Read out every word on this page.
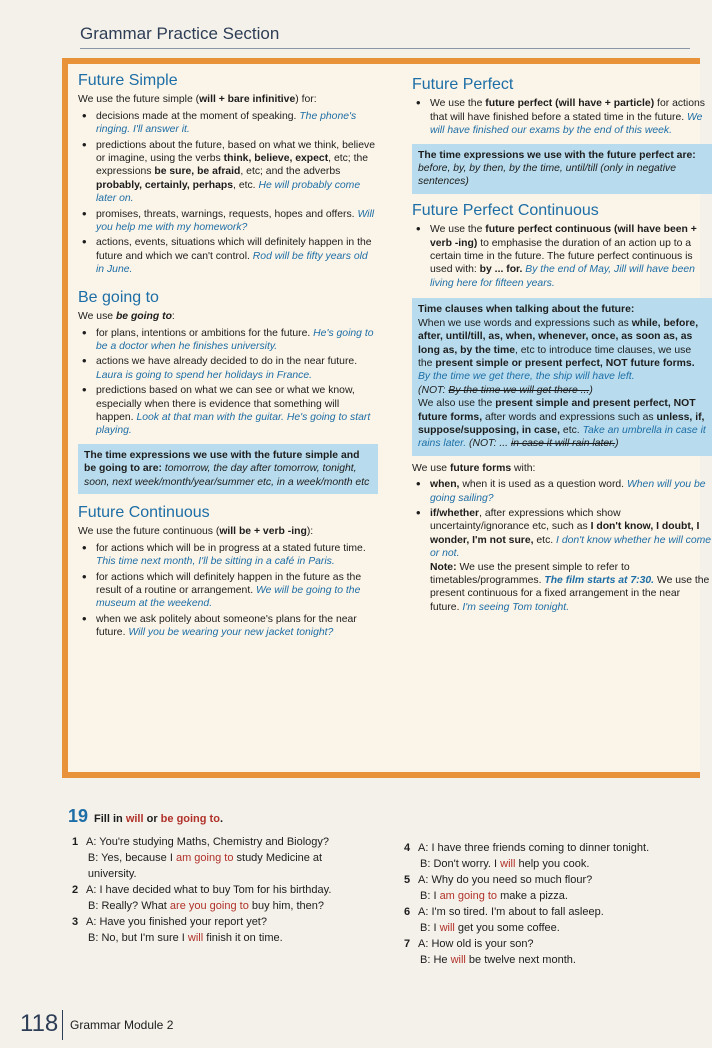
Grammar Practice Section
Future Simple

We use the future simple (will + bare infinitive) for:

• decisions made at the moment of speaking. The phone's ringing. I'll answer it.
• predictions about the future, based on what we think, believe or imagine, using the verbs think, believe, expect, etc; the expressions be sure, be afraid, etc; and the adverbs probably, certainly, perhaps, etc. He will probably come later on.
• promises, threats, warnings, requests, hopes and offers. Will you help me with my homework?
• actions, events, situations which will definitely happen in the future and which we can't control. Rod will be fifty years old in June.
Be going to

We use be going to:

• for plans, intentions or ambitions for the future. He's going to be a doctor when he finishes university.
• actions we have already decided to do in the near future. Laura is going to spend her holidays in France.
• predictions based on what we can see or what we know, especially when there is evidence that something will happen. Look at that man with the guitar. He's going to start playing.
The time expressions we use with the future simple and be going to are: tomorrow, the day after tomorrow, tonight, soon, next week/month/year/summer etc, in a week/month etc
Future Continuous

We use the future continuous (will be + verb -ing):

• for actions which will be in progress at a stated future time. This time next month, I'll be sitting in a café in Paris.
• for actions which will definitely happen in the future as the result of a routine or arrangement. We will be going to the museum at the weekend.
• when we ask politely about someone's plans for the near future. Will you be wearing your new jacket tonight?
Future Perfect
• We use the future perfect (will have + particle) for actions that will have finished before a stated time in the future. We will have finished our exams by the end of this week.
The time expressions we use with the future perfect are: before, by, by then, by the time, until/till (only in negative sentences)
Future Perfect Continuous
• We use the future perfect continuous (will have been + verb -ing) to emphasise the duration of an action up to a certain time in the future. The future perfect continuous is used with: by ... for. By the end of May, Jill will have been living here for fifteen years.
Time clauses when talking about the future:
When we use words and expressions such as while, before, after, until/till, as, when, whenever, once, as soon as, as long as, by the time, etc to introduce time clauses, we use the present simple or present perfect, NOT future forms.
By the time we get there, the ship will have left.
(NOT: By the time we will get there ...)
We also use the present simple and present perfect, NOT future forms, after words and expressions such as unless, if, suppose/supposing, in case, etc. Take an umbrella in case it rains later. (NOT: ... in case it will rain later.)

We use future forms with:

• when, when it is used as a question word. When will you be going sailing?
• if/whether, after expressions which show uncertainty/ignorance etc, such as I don't know, I doubt, I wonder, I'm not sure, etc. I don't know whether he will come or not.
Note: We use the present simple to refer to timetables/programmes. The film starts at 7:30. We use the present continuous for a fixed arrangement in the near future. I'm seeing Tom tonight.
19 Fill in will or be going to.
1 A: You're studying Maths, Chemistry and Biology?
B: Yes, because I am going to study Medicine at university.
2 A: I have decided what to buy Tom for his birthday.
B: Really? What are you going to buy him, then?
3 A: Have you finished your report yet?
B: No, but I'm sure I will finish it on time.
4 A: I have three friends coming to dinner tonight.
B: Don't worry. I will help you cook.
5 A: Why do you need so much flour?
B: I am going to make a pizza.
6 A: I'm so tired. I'm about to fall asleep.
B: I will get you some coffee.
7 A: How old is your son?
B: He will be twelve next month.
118 Grammar Module 2
